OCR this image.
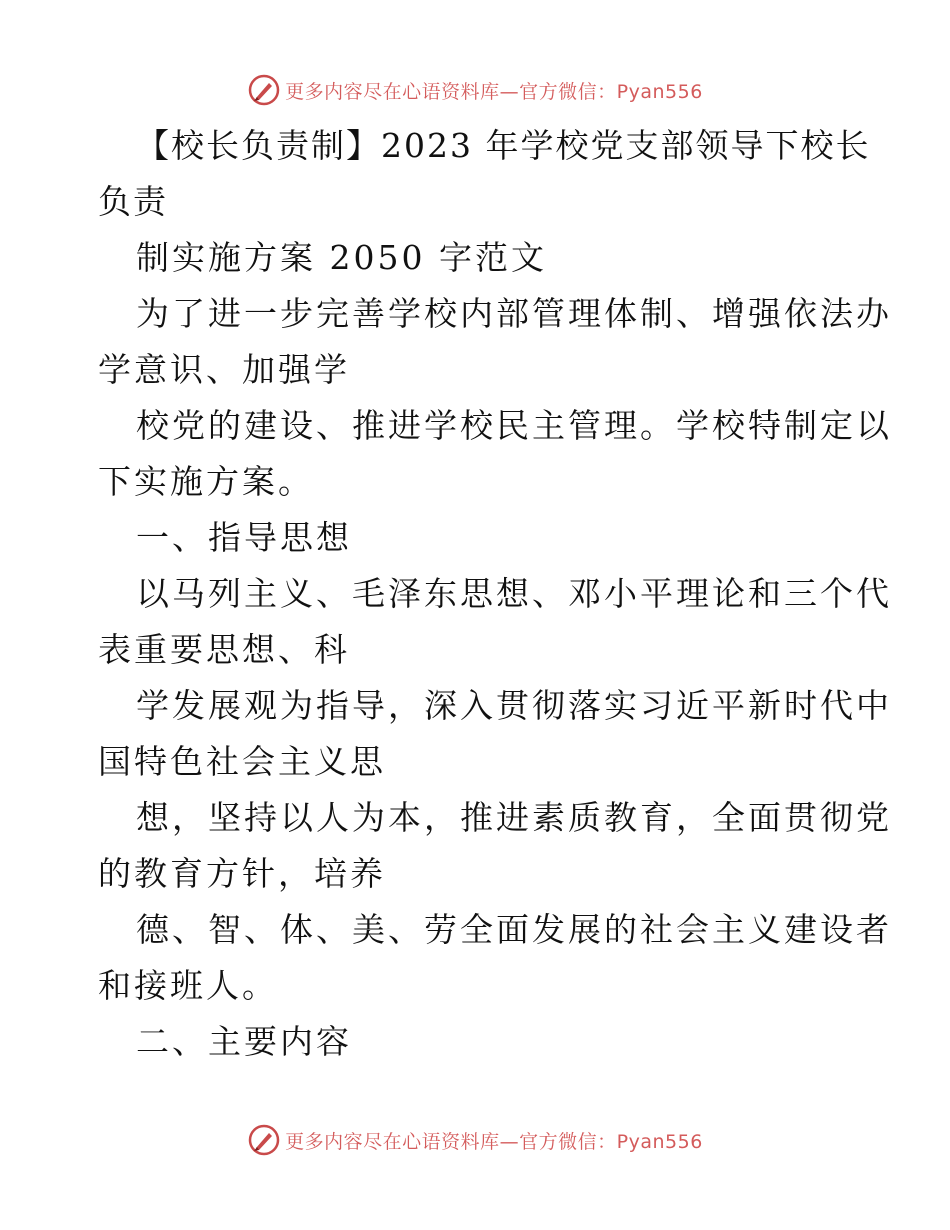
更多内容尽在心语资料库—官方微信：Pyan556

【校长负责制】2023 年学校党支部领导下校长

负责

制实施方案 2050 字范文

为了进一步完善学校内部管理体制、增强依法办

学意识、加强学

校党的建设、推进学校民主管理。学校特制定以

下实施方案。

一、指导思想

以马列主义、毛泽东思想、邓小平理论和三个代

表重要思想、科

学发展观为指导，深入贯彻落实习近平新时代中

国特色社会主义思

想，坚持以人为本，推进素质教育，全面贯彻党

的教育方针，培养

德、智、体、美、劳全面发展的社会主义建设者

和接班人。

二、主要内容

更多内容尽在心语资料库—官方微信：Pyan556
